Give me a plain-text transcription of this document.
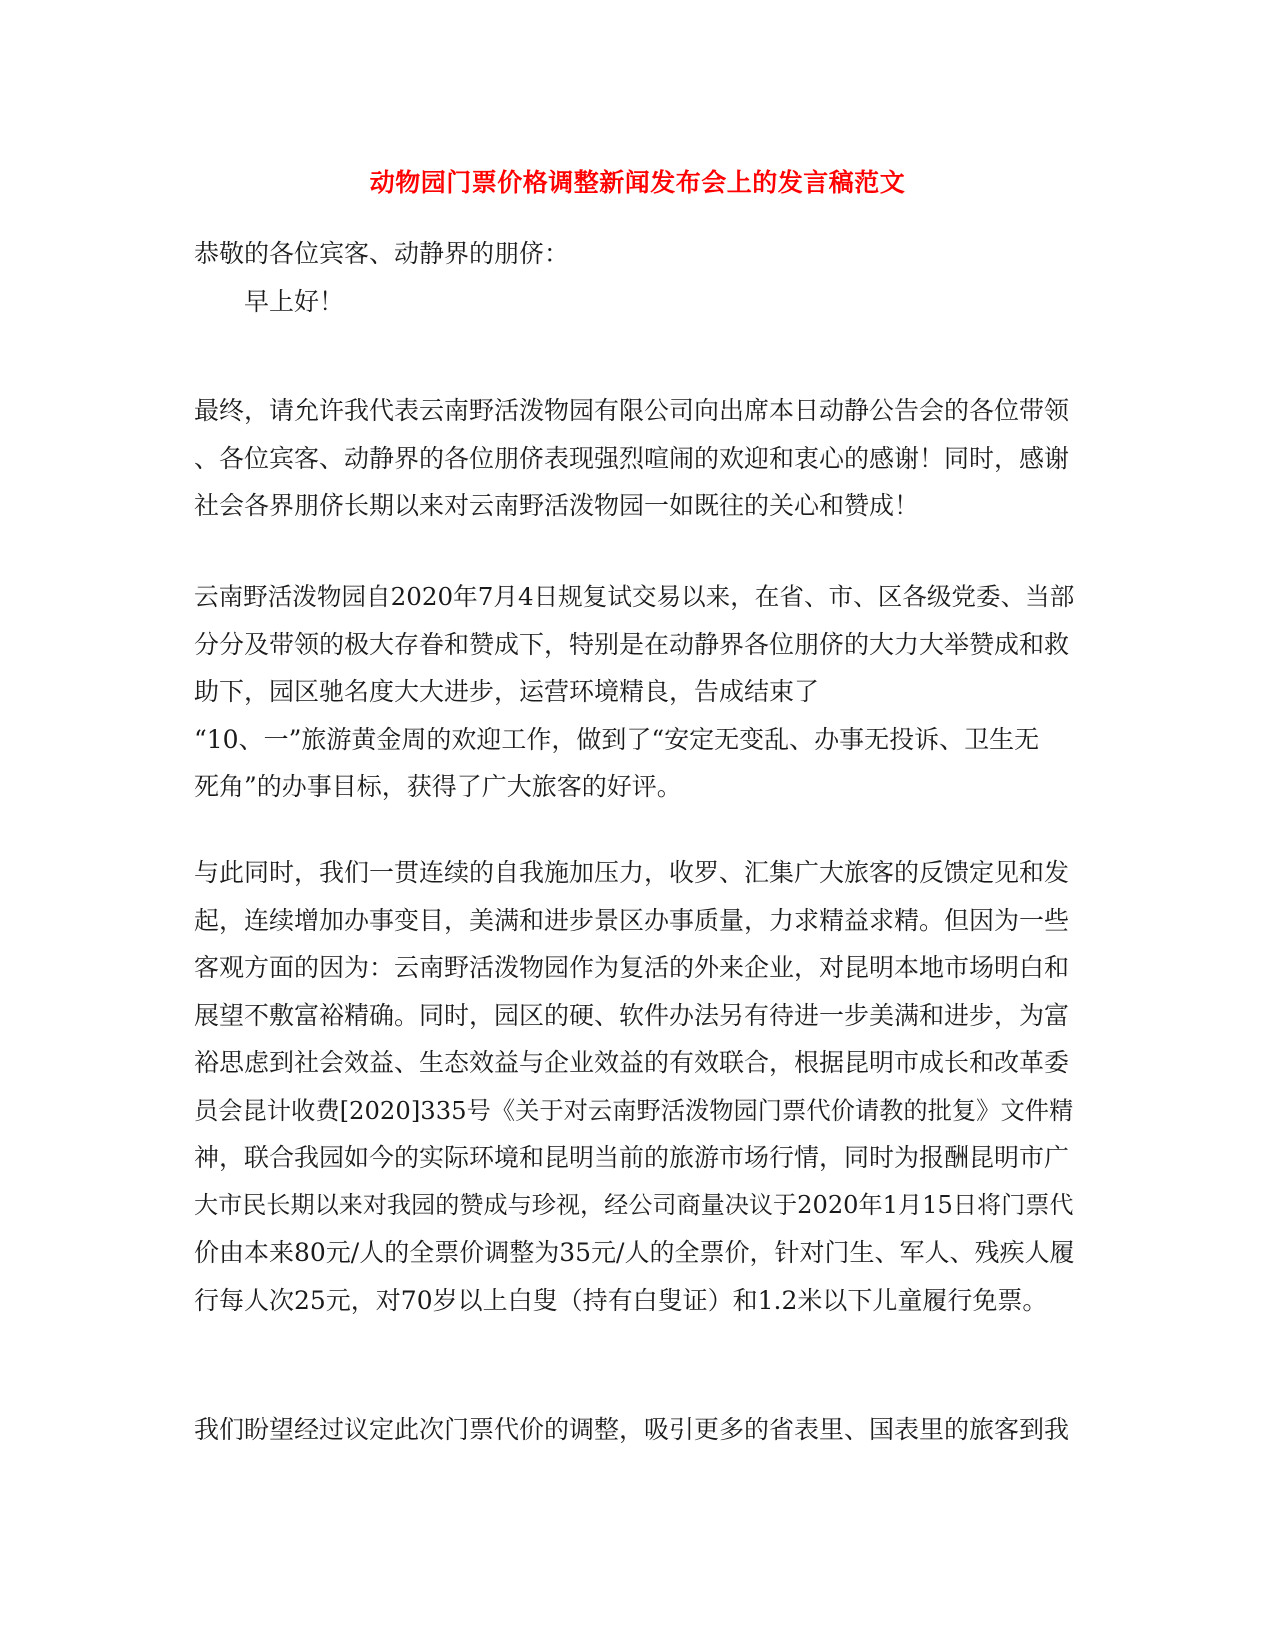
动物园门票价格调整新闻发布会上的发言稿范文
恭敬的各位宾客、动静界的朋侪：
早上好！
最终，请允许我代表云南野活泼物园有限公司向出席本日动静公告会的各位带领
、各位宾客、动静界的各位朋侪表现强烈喧闹的欢迎和衷心的感谢！同时，感谢
社会各界朋侪长期以来对云南野活泼物园一如既往的关心和赞成！
云南野活泼物园自2020年7月4日规复试交易以来，在省、市、区各级党委、当部
分分及带领的极大存眷和赞成下，特别是在动静界各位朋侪的大力大举赞成和救
助下，园区驰名度大大进步，运营环境精良，告成结束了
“10、一”旅游黄金周的欢迎工作，做到了“安定无变乱、办事无投诉、卫生无
死角”的办事目标，获得了广大旅客的好评。
与此同时，我们一贯连续的自我施加压力，收罗、汇集广大旅客的反馈定见和发
起，连续增加办事变目，美满和进步景区办事质量，力求精益求精。但因为一些
客观方面的因为：云南野活泼物园作为复活的外来企业，对昆明本地市场明白和
展望不敷富裕精确。同时，园区的硬、软件办法另有待进一步美满和进步，为富
裕思虑到社会效益、生态效益与企业效益的有效联合，根据昆明市成长和改革委
员会昆计收费[2020]335号《关于对云南野活泼物园门票代价请教的批复》文件精
神，联合我园如今的实际环境和昆明当前的旅游市场行情，同时为报酬昆明市广
大市民长期以来对我园的赞成与珍视，经公司商量决议于2020年1月15日将门票代
价由本来80元/人的全票价调整为35元/人的全票价，针对门生、军人、残疾人履
行每人次25元，对70岁以上白叟（持有白叟证）和1.2米以下儿童履行免票。
我们盼望经过议定此次门票代价的调整，吸引更多的省表里、国表里的旅客到我
